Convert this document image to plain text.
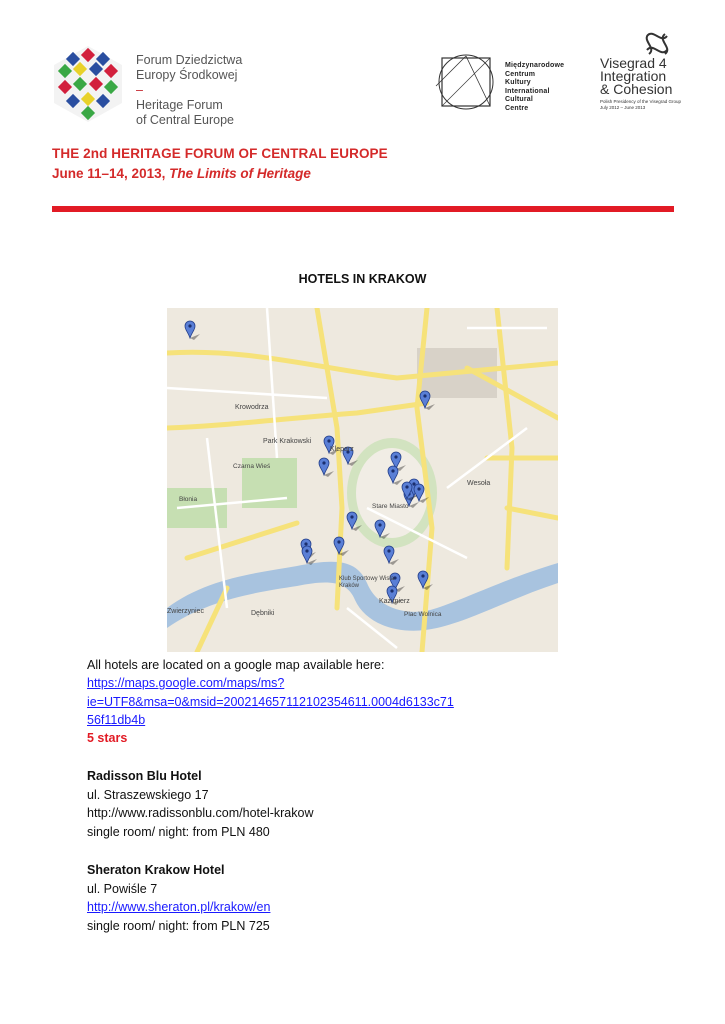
Forum Dziedzictwa
Europy Środkowej
–
Heritage Forum
of Central Europe
Międzynarodowe
Centrum
Kultury
International
Cultural
Centre
Visegrad 4
Integration
& Cohesion
Polish Presidency of the Visegrad Group
July 2012 – June 2013
THE 2nd HERITAGE FORUM OF CENTRAL EUROPE
June 11–14, 2013, The Limits of Heritage
HOTELS IN KRAKOW
Park Krakowski
Kleparz
Stare Miasto
Kazimierz
Czarna Wieś
Wesoła
Krowodrza
Dębniki	Plac Wolnica
Błonia
Klub Sportowy Wisła Kraków
Zwierzyniec
All hotels are located on a google map available here:
https://maps.google.com/maps/ms?ie=UTF8&msa=0&msid=200214657112102354611.0004d6133c71
56f11db4b
5 stars
Radisson Blu Hotel
ul. Straszewskiego 17
http://www.radissonblu.com/hotel-krakow
single room/ night: from PLN 480
Sheraton Krakow Hotel
ul. Powiśle 7
http://www.sheraton.pl/krakow/en
single room/ night: from PLN 725
